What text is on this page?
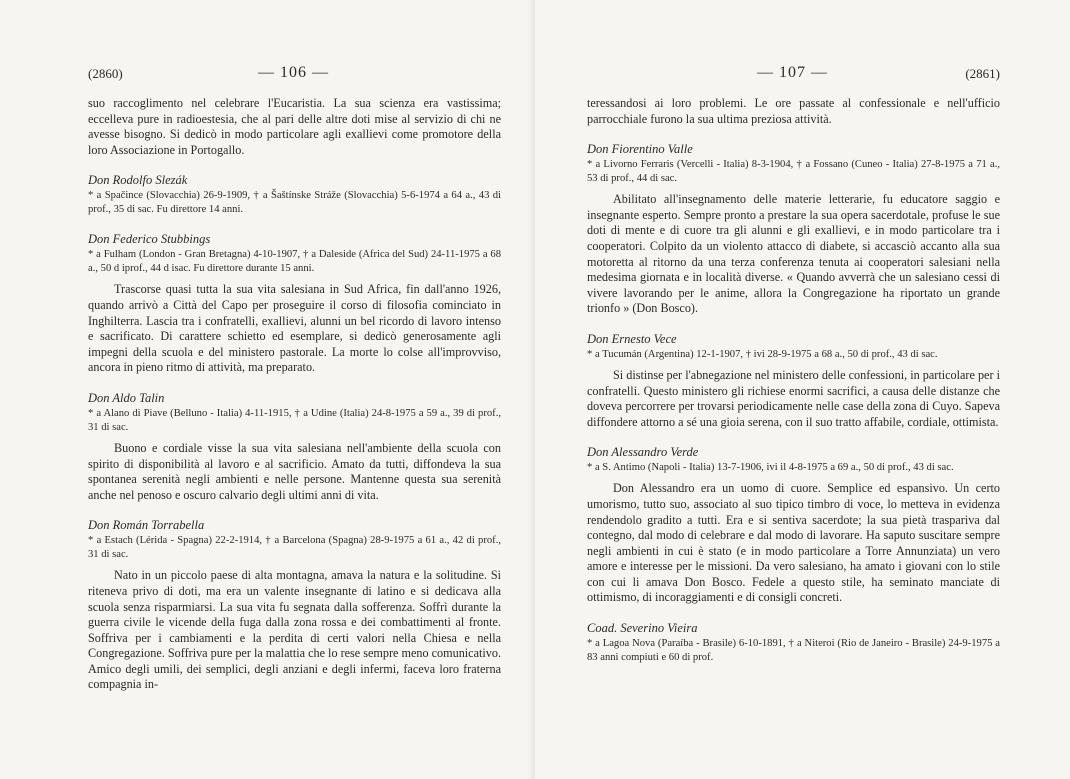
(2860)	— 106 —

suo raccoglimento nel celebrare l'Eucaristia. La sua scienza era vastissima; eccelleva pure in radioestesia, che al pari delle altre doti mise al servizio di chi ne avesse bisogno. Si dedicò in modo particolare agli exallievi come promotore della loro Associazione in Portogallo.

Don Rodolfo Slezák
* a Spačince (Slovacchia) 26-9-1909, † a Šaštínske Stráže (Slovacchia) 5-6-1974 a 64 a., 43 di prof., 35 di sac. Fu direttore 14 anni.
Don Federico Stubbings
* a Fulham (London - Gran Bretagna) 4-10-1907, † a Daleside (Africa del Sud) 24-11-1975 a 68 a., 50 d iprof., 44 d isac. Fu direttore durante 15 anni.

Trascorse quasi tutta la sua vita salesiana in Sud Africa, fin dall'anno 1926, quando arrivò a Città del Capo per proseguire il corso di filosofia cominciato in Inghilterra. Lascia tra i confratelli, exallievi, alunni un bel ricordo di lavoro intenso e sacrificato. Di carattere schietto ed esemplare, si dedicò generosamente agli impegni della scuola e del ministero pastorale. La morte lo colse all'improvviso, ancora in pieno ritmo di attività, ma preparato.

Don Aldo Talin
* a Alano di Piave (Belluno - Italia) 4-11-1915, † a Udine (Italia) 24-8-1975 a 59 a., 39 di prof., 31 di sac.

Buono e cordiale visse la sua vita salesiana nell'ambiente della scuola con spirito di disponibilità al lavoro e al sacrificio. Amato da tutti, diffondeva la sua spontanea serenità negli ambienti e nelle persone. Mantenne questa sua serenità anche nel penoso e oscuro calvario degli ultimi anni di vita.

Don Román Torrabella
* a Estach (Lérida - Spagna) 22-2-1914, † a Barcelona (Spagna) 28-9-1975 a 61 a., 42 di prof., 31 di sac.

Nato in un piccolo paese di alta montagna, amava la natura e la solitudine. Si riteneva privo di doti, ma era un valente insegnante di latino e si dedicava alla scuola senza risparmiarsi. La sua vita fu segnata dalla sofferenza. Soffrì durante la guerra civile le vicende della fuga dalla zona rossa e dei combattimenti al fronte. Soffriva per i cambiamenti e la perdita di certi valori nella Chiesa e nella Congregazione. Soffriva pure per la malattia che lo rese sempre meno comunicativo. Amico degli umili, dei semplici, degli anziani e degli infermi, faceva loro fraterna compagnia in-

— 107 —	(2861)

teressandosi ai loro problemi. Le ore passate al confessionale e nell'ufficio parrocchiale furono la sua ultima preziosa attività.

Don Fiorentino Valle
* a Livorno Ferraris (Vercelli - Italia) 8-3-1904, † a Fossano (Cuneo - Italia) 27-8-1975 a 71 a., 53 di prof., 44 di sac.

Abilitato all'insegnamento delle materie letterarie, fu educatore saggio e insegnante esperto. Sempre pronto a prestare la sua opera sacerdotale, profuse le sue doti di mente e di cuore tra gli alunni e gli exallievi, e in modo particolare tra i cooperatori. Colpito da un violento attacco di diabete, si accasciò accanto alla sua motoretta al ritorno da una terza conferenza tenuta ai cooperatori salesiani nella medesima giornata e in località diverse. « Quando avverrà che un salesiano cessi di vivere lavorando per le anime, allora la Congregazione ha riportato un grande trionfo » (Don Bosco).

Don Ernesto Vece
* a Tucumán (Argentina) 12-1-1907, † ivi 28-9-1975 a 68 a., 50 di prof., 43 di sac.

Si distinse per l'abnegazione nel ministero delle confessioni, in particolare per i confratelli. Questo ministero gli richiese enormi sacrifici, a causa delle distanze che doveva percorrere per trovarsi periodicamente nelle case della zona di Cuyo. Sapeva diffondere attorno a sé una gioia serena, con il suo tratto affabile, cordiale, ottimista.

Don Alessandro Verde
* a S. Antimo (Napoli - Italia) 13-7-1906, ivi il 4-8-1975 a 69 a., 50 di prof., 43 di sac.

Don Alessandro era un uomo di cuore. Semplice ed espansivo. Un certo umorismo, tutto suo, associato al suo tipico timbro di voce, lo metteva in evidenza rendendolo gradito a tutti. Era e si sentiva sacerdote; la sua pietà traspariva dal contegno, dal modo di celebrare e dal modo di lavorare. Ha saputo suscitare sempre negli ambienti in cui è stato (e in modo particolare a Torre Annunziata) un vero amore e interesse per le missioni. Da vero salesiano, ha amato i giovani con lo stile con cui li amava Don Bosco. Fedele a questo stile, ha seminato manciate di ottimismo, di incoraggiamenti e di consigli concreti.

Coad. Severino Vieira
* a Lagoa Nova (Paraíba - Brasile) 6-10-1891, † a Niteroi (Rio de Janeiro - Brasile) 24-9-1975 a 83 anni compiuti e 60 di prof.
